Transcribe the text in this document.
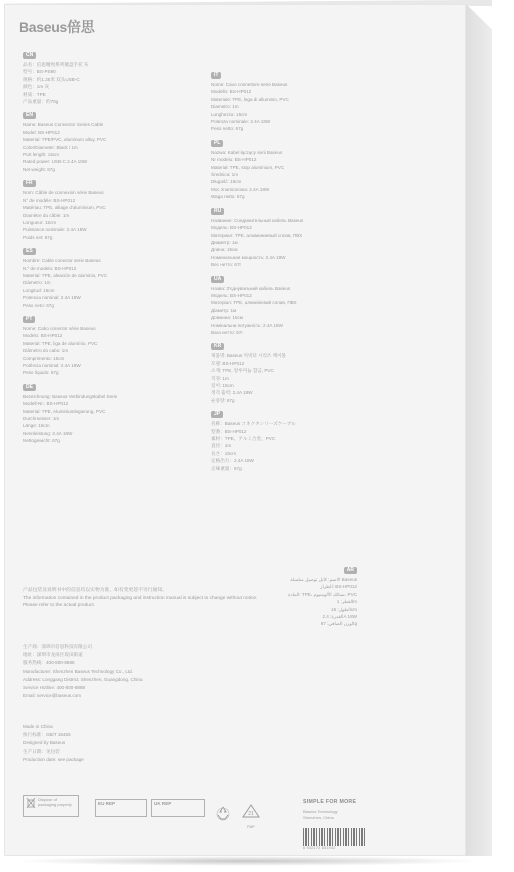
Baseus倍思
CN
品名：倍思精致系列键盘手托 灰
型号：BS-PS90
规格：约1.25米 双头USB-C
颜色：1m 灰
材质：TPE
产品重量：约70g
EN
Name: Baseus Connector Series Cable
Model: BS-HP012
Material: TPE/PVC, aluminum alloy, PVC
Color/Diameter: Black / 1m
Port length: 15cm
Rated power: USB-C 2.4A 18W
Net weight: 67g
FR
Nom: Câble de connexion série Baseus
N° de modèle: BS-HP012
Matériau: TPE, alliage d'aluminium, PVC
Diamètre du câble: 1m
Longueur: 15cm
Puissance nominale: 2.4A 18W
Poids net: 67g
ES
Nombre: Cable conector serie Baseus
N.º de modelo: BS-HP012
Material: TPE, aleación de aluminio, PVC
Diámetro: 1m
Longitud: 15cm
Potencia nominal: 2.4A 18W
Peso neto: 67g
PT
Nome: Cabo conector série Baseus
Modelo: BS-HP012
Material: TPE, liga de alumínio, PVC
Diâmetro do cabo: 1m
Comprimento: 15cm
Potência nominal: 2.4A 18W
Peso líquido: 67g
DE
Bezeichnung: Baseus Verbindungskabel Serie
Modell-Nr.: BS-HP012
Material: TPE, Aluminiumlegierung, PVC
Durchmesser: 1m
Länge: 15cm
Nennleistung: 2.4A 18W
Nettogewicht: 67g
IT
Nome: Cavo connettore serie Baseus
Modello: BS-HP012
Materiale: TPE, lega di alluminio, PVC
Diametro: 1m
Lunghezza: 15cm
Potenza nominale: 2.4A 18W
Peso netto: 67g
PL
Nazwa: Kabel łączący serii Baseus
Nr modelu: BS-HP012
Materiał: TPE, stop aluminium, PVC
Średnica: 1m
Długość: 15cm
Moc znamionowa: 2.4A 18W
Waga netto: 67g
RU
Название: Соединительный кабель Baseus
Модель: BS-HP012
Материал: TPE, алюминиевый сплав, ПВХ
Диаметр: 1м
Длина: 15см
Номинальная мощность: 2.4A 18W
Вес нетто: 67г
UA
Назва: З'єднувальний кабель Baseus
Модель: BS-HP012
Матеріал: TPE, алюмінієвий сплав, ПВХ
Діаметр: 1м
Довжина: 15см
Номінальна потужність: 2.4A 18W
Вага нетто: 67г
KR
제품명: Baseus 커넥터 시리즈 케이블
모델: BS-HP012
소재: TPE, 알루미늄 합금, PVC
직경: 1m
길이: 15cm
정격 출력: 2.4A 18W
순중량: 67g
JP
名称：Baseus コネクタシリーズケーブル
型番：BS-HP012
素材：TPE、アルミ合金、PVC
直径：1m
長さ：15cm
定格出力：2.4A 18W
正味重量：67g
AR
الاسم: كابل توصيل سلسلة Baseus
الطراز: BS-HP012
المادة: TPE، سبائك الألومنيوم، PVC
القطر: 1m
الطول: 15cm
القدرة: 2.4A 18W
الوزن الصافي: 67g
产品包装及说明书中的信息均以实物为准，如有变更恕不另行通知。
The information contained in the product packaging and instruction manual is subject to change without notice.
Please refer to the actual product.
生产商：深圳市倍思科技有限公司
地址：深圳市龙岗区坂田街道
服务热线：400-800-8888
Manufacturer: Shenzhen Baseus Technology Co., Ltd.
Address: Longgang District, Shenzhen, Guangdong, China
Service Hotline: 400-800-8888
Email: service@baseus.com
Made in China
执行标准：GB/T 18455
Designed by Baseus
生产日期：见包装
Production date: see package
Dispose of packaging properly	EU REP	UK REP
21
PAP
SIMPLE FOR MORE
Baseus Technology
Shenzhen, China
6 932172 601942
